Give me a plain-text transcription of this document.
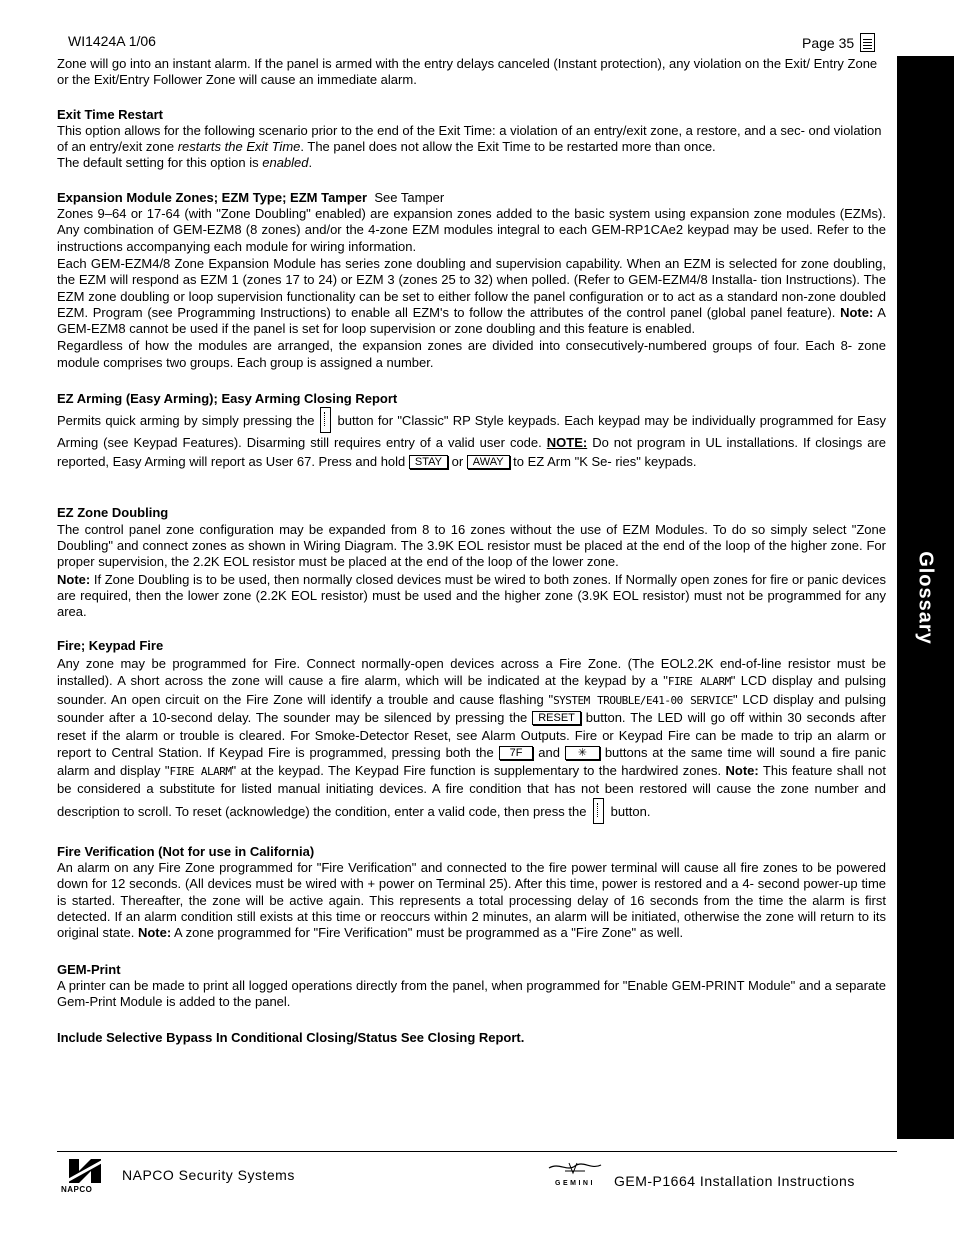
WI1424A 1/06	Page 35
Glossary

Zone will go into an instant alarm. If the panel is armed with the entry delays canceled (Instant protection), any violation on the Exit/ Entry Zone or the Exit/Entry Follower Zone will cause an immediate alarm.

Exit Time Restart

This option allows for the following scenario prior to the end of the Exit Time: a violation of an entry/exit zone, a restore, and a sec- ond violation of an entry/exit zone restarts the Exit Time. The panel does not allow the Exit Time to be restarted more than once.
The default setting for this option is enabled.

Expansion Module Zones; EZM Type; EZM Tamper See Tamper

Zones 9–64 or 17-64 (with "Zone Doubling" enabled) are expansion zones added to the basic system using expansion zone modules (EZMs). Any combination of GEM-EZM8 (8 zones) and/or the 4-zone EZM modules integral to each GEM-RP1CAe2 keypad may be used. Refer to the instructions accompanying each module for wiring information.

Each GEM-EZM4/8 Zone Expansion Module has series zone doubling and supervision capability. When an EZM is selected for zone doubling, the EZM will respond as EZM 1 (zones 17 to 24) or EZM 3 (zones 25 to 32) when polled. (Refer to GEM-EZM4/8 Installa- tion Instructions). The EZM zone doubling or loop supervision functionality can be set to either follow the panel configuration or to act as a standard non-zone doubled EZM. Program (see Programming Instructions) to enable all EZM's to follow the attributes of the control panel (global panel feature). Note: A GEM-EZM8 cannot be used if the panel is set for loop supervision or zone doubling and this feature is enabled.

Regardless of how the modules are arranged, the expansion zones are divided into consecutively-numbered groups of four. Each 8- zone module comprises two groups. Each group is assigned a number.

EZ Arming (Easy Arming); Easy Arming Closing Report

Permits quick arming by simply pressing the button for "Classic" RP Style keypads. Each keypad may be individually programmed for Easy Arming (see Keypad Features). Disarming still requires entry of a valid user code. NOTE: Do not program in UL installations. If closings are reported, Easy Arming will report as User 67. Press and hold STAY or AWAY to EZ Arm "K Se- ries" keypads.

EZ Zone Doubling

The control panel zone configuration may be expanded from 8 to 16 zones without the use of EZM Modules. To do so simply select "Zone Doubling" and connect zones as shown in Wiring Diagram. The 3.9K EOL resistor must be placed at the end of the loop of the higher zone. For proper supervision, the 2.2K EOL resistor must be placed at the end of the loop of the lower zone.

Note: If Zone Doubling is to be used, then normally closed devices must be wired to both zones. If Normally open zones for fire or panic devices are required, then the lower zone (2.2K EOL resistor) must be used and the higher zone (3.9K EOL resistor) must not be programmed for any area.

Fire; Keypad Fire

Any zone may be programmed for Fire. Connect normally-open devices across a Fire Zone. (The EOL2.2K end-of-line resistor must be installed). A short across the zone will cause a fire alarm, which will be indicated at the keypad by a "FIRE ALARM" LCD display and pulsing sounder. An open circuit on the Fire Zone will identify a trouble and cause flashing "SYSTEM TROUBLE/E41-00 SERVICE" LCD display and pulsing sounder after a 10-second delay. The sounder may be silenced by pressing the RESET button. The LED will go off within 30 seconds after reset if the alarm or trouble is cleared. For Smoke-Detector Reset, see Alarm Outputs. Fire or Keypad Fire can be made to trip an alarm or report to Central Station. If Keypad Fire is programmed, pressing both the 7F and ✳ buttons at the same time will sound a fire panic alarm and display "FIRE ALARM" at the keypad. The Keypad Fire function is supplementary to the hardwired zones. Note: This feature shall not be considered a substitute for listed manual initiating devices. A fire condition that has not been restored will cause the zone number and description to scroll. To reset (acknowledge) the condition, enter a valid code, then press the  button.

Fire Verification (Not for use in California)

An alarm on any Fire Zone programmed for "Fire Verification" and connected to the fire power terminal will cause all fire zones to be powered down for 12 seconds. (All devices must be wired with + power on Terminal 25). After this time, power is restored and a 4- second power-up time is started. Thereafter, the zone will be active again. This represents a total processing delay of 16 seconds from the time the alarm is first detected. If an alarm condition still exists at this time or reoccurs within 2 minutes, an alarm will be initiated, otherwise the zone will return to its original state. Note: A zone programmed for "Fire Verification" must be programmed as a "Fire Zone" as well.

GEM-Print

A printer can be made to print all logged operations directly from the panel, when programmed for "Enable GEM-PRINT Module" and a separate Gem-Print Module is added to the panel.

Include Selective Bypass In Conditional Closing/Status See Closing Report.
NAPCO
NAPCO Security Systems
GEMINI GEM-P1664 Installation Instructions
